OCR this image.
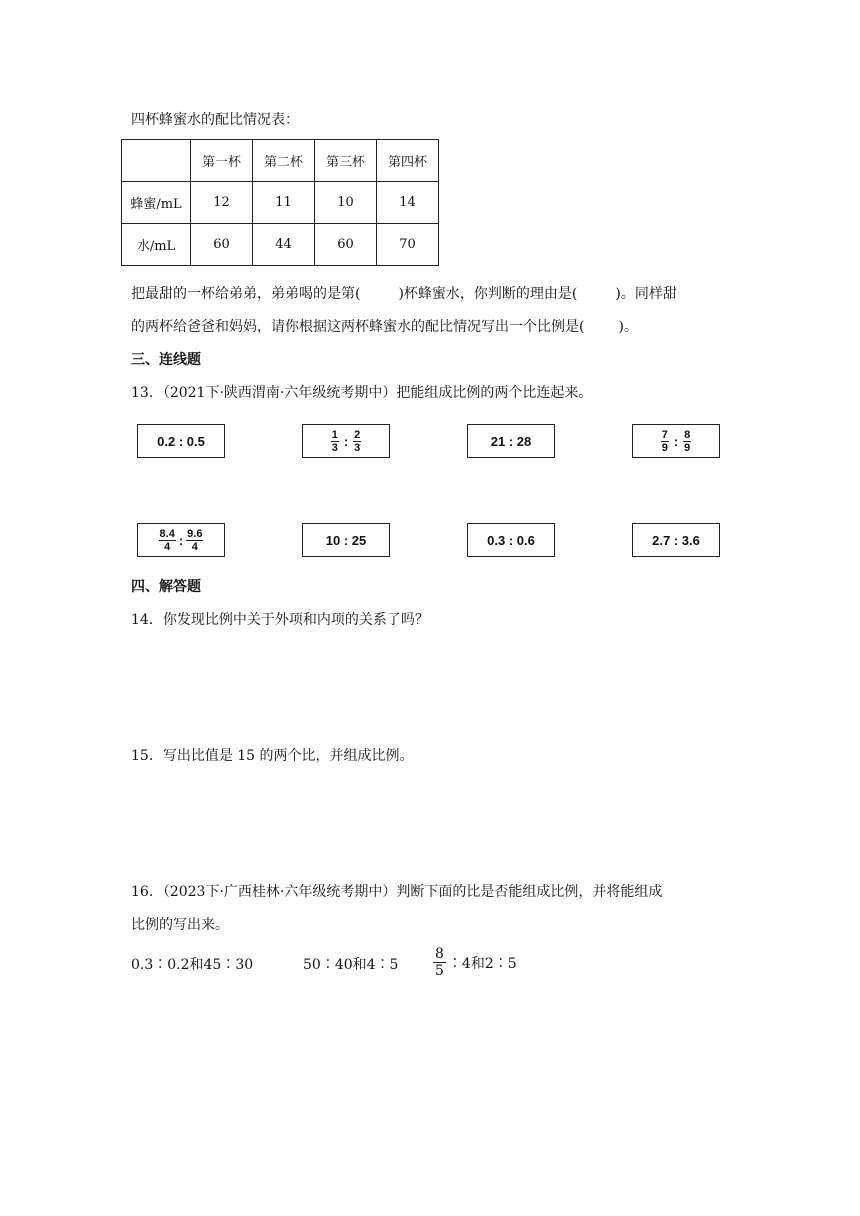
四杯蜂蜜水的配比情况表：
	第一杯	第二杯	第三杯	第四杯
蜂蜜/mL	12	11	10	14
水/mL	60	44	60	70
把最甜的一杯给弟弟，弟弟喝的是第(	)杯蜂蜜水，你判断的理由是(	)。同样甜
的两杯给爸爸和妈妈，请你根据这两杯蜂蜜水的配比情况写出一个比例是( )。
三、连线题
13．（2021下·陕西渭南·六年级统考期中）把能组成比例的两个比连起来。
0.2 : 0.5	$\frac{1}{3}$ : $\frac{2}{3}$	21 : 28	$\frac{7}{9}$ : $\frac{8}{9}$
$\frac{8.4}{4}$ : $\frac{9.6}{4}$	10 : 25	0.3 : 0.6	2.7 : 3.6
四、解答题
14．你发现比例中关于外项和内项的关系了吗？
15．写出比值是 15 的两个比，并组成比例。
16．（2023下·广西桂林·六年级统考期中）判断下面的比是否能组成比例，并将能组成
比例的写出来。
0.3∶0.2和45∶30	50∶40和4∶5 $\frac{8}{5}$ ∶4和2∶5
